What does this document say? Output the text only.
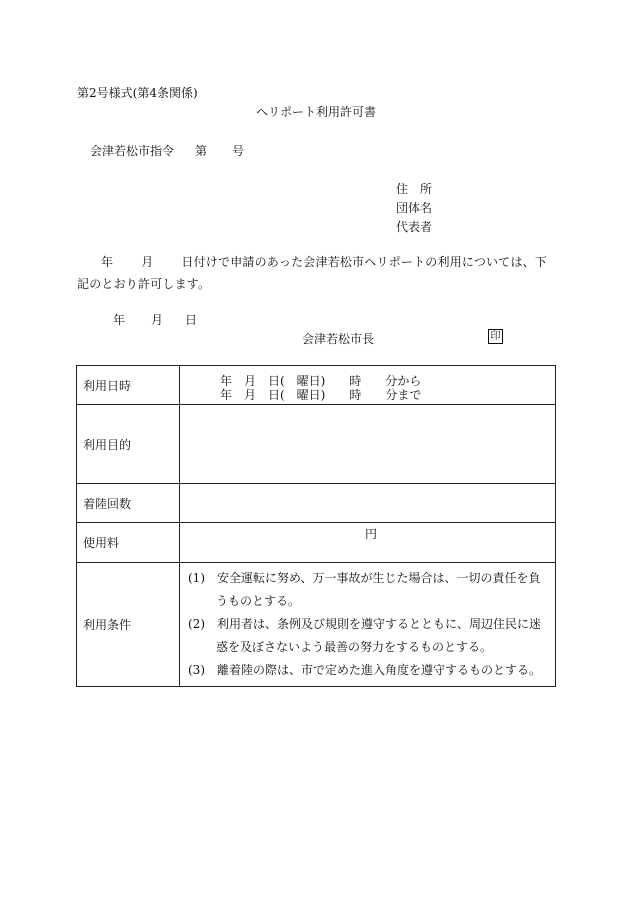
第2号様式(第4条関係)
ヘリポート利用許可書
会津若松市指令 第 号
住　所
団体名
代表者
年 月 日付けで申請のあった会津若松市ヘリポートの利用については、下記のとおり許可します。
年 月 日
会津若松市長	印
利用日時	年　月　日(　曜日)　　時　　分から
年　月　日(　曜日)　　時　　分まで

利用目的	
着陸回数	
使用料	円

利用条件	(1)　安全運転に努め、万一事故が生じた場合は、一切の責任を負うものとする。
(2)　利用者は、条例及び規則を遵守するとともに、周辺住民に迷惑を及ぼさないよう最善の努力をするものとする。
(3)　離着陸の際は、市で定めた進入角度を遵守するものとする。
